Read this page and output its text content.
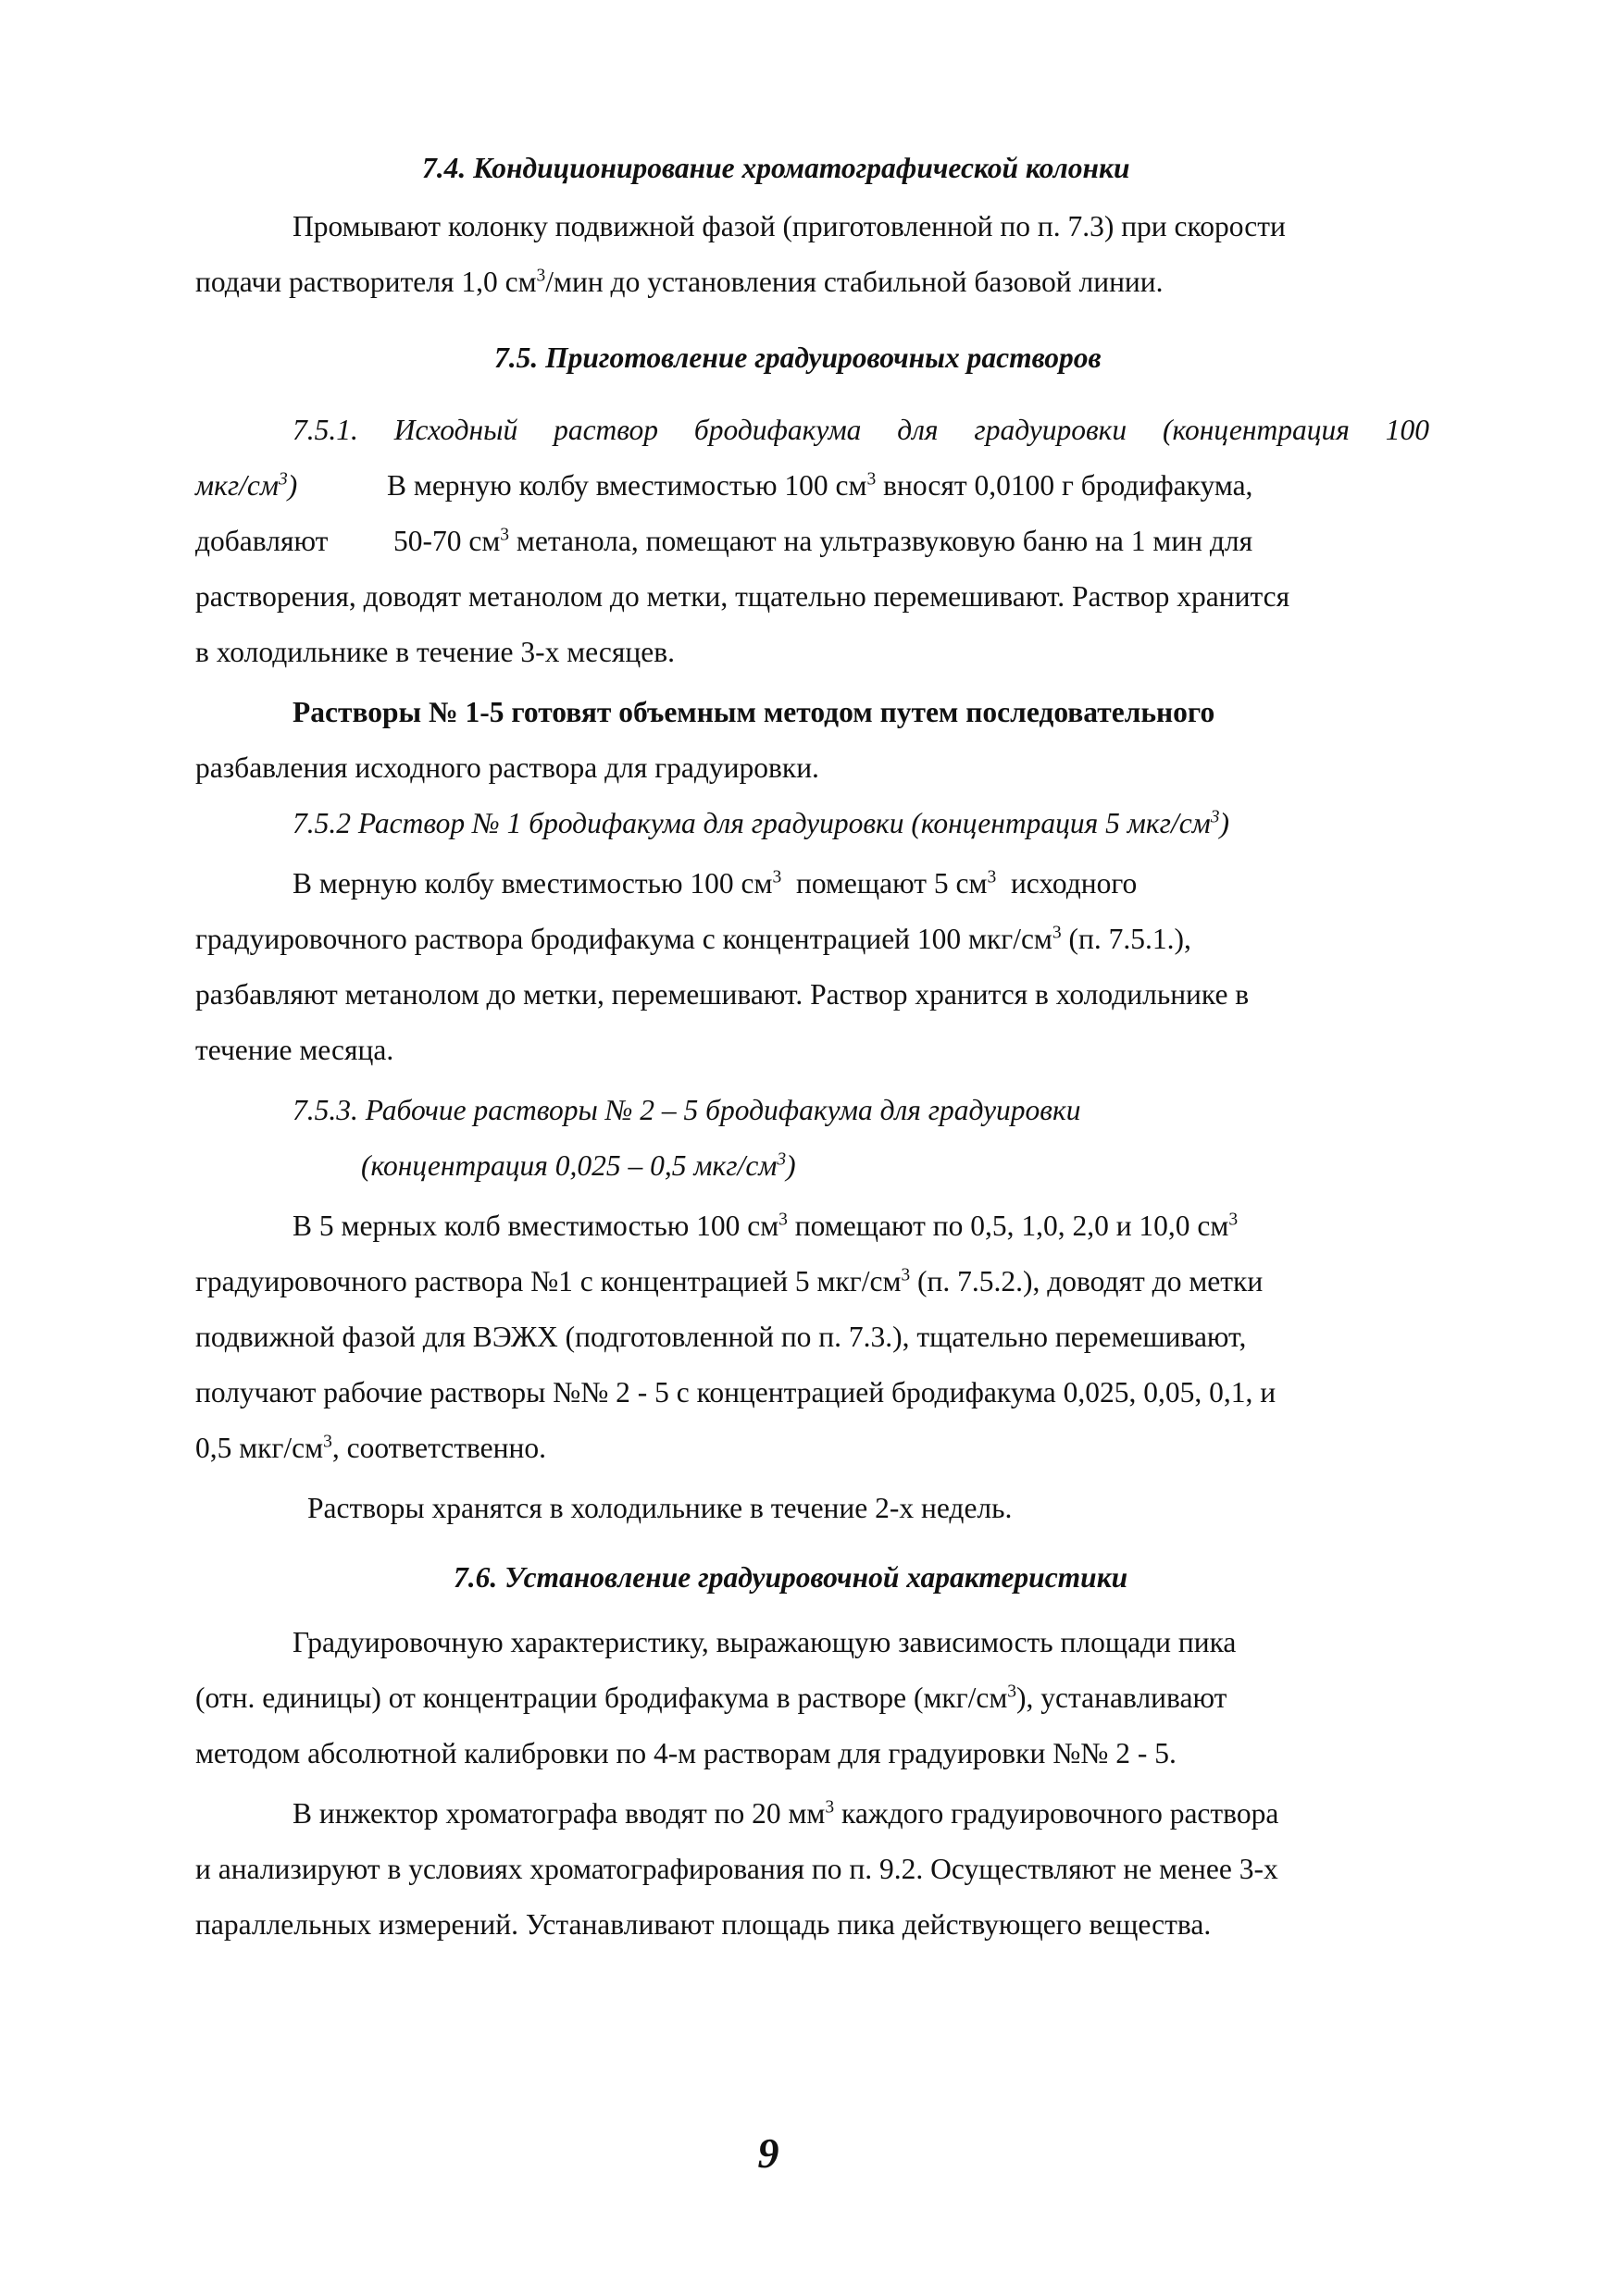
7.4. Кондиционирование хроматографической колонки
Промывают колонку подвижной фазой (приготовленной по п. 7.3) при скорости
подачи растворителя 1,0 $см^3$/мин до установления стабильной базовой линии.
7.5. Приготовление градуировочных растворов
7.5.1. Исходный раствор бродифакума для градуировки (концентрация 100
мкг/$см^3$)	В мерную колбу вместимостью 100 $см^3$ вносят 0,0100 г бродифакума,
добавляют 50-70 $см^3$ метанола, помещают на ультразвуковую баню на 1 мин для
растворения, доводят метанолом до метки, тщательно перемешивают. Раствор хранится
в холодильнике в течение 3-х месяцев.
Растворы № 1-5 готовят объемным методом путем последовательного
разбавления исходного раствора для градуировки.
7.5.2 Раствор № 1 бродифакума для градуировки (концентрация 5 мкг/$см^3$)
В мерную колбу вместимостью 100 $см^3$ помещают 5 $см^3$ исходного
градуировочного раствора бродифакума с концентрацией 100 мкг/$см^3$ (п. 7.5.1.),
разбавляют метанолом до метки, перемешивают. Раствор хранится в холодильнике в
течение месяца.
7.5.3. Рабочие растворы № 2 – 5 бродифакума для градуировки
(концентрация 0,025 – 0,5 мкг/$см^3$)
В 5 мерных колб вместимостью 100 $см^3$ помещают по 0,5, 1,0, 2,0 и 10,0 $см^3$
градуировочного раствора №1 с концентрацией 5 мкг/$см^3$ (п. 7.5.2.), доводят до метки
подвижной фазой для ВЭЖХ (подготовленной по п. 7.3.), тщательно перемешивают,
получают рабочие растворы №№ 2 - 5 с концентрацией бродифакума 0,025, 0,05, 0,1, и
0,5 мкг/$см^3$, соответственно.
Растворы хранятся в холодильнике в течение 2-х недель.
7.6. Установление градуировочной характеристики
Градуировочную характеристику, выражающую зависимость площади пика
(отн. единицы) от концентрации бродифакума в растворе $(мкг/см^3)$, устанавливают
методом абсолютной калибровки по 4-м растворам для градуировки №№ 2 - 5.
В инжектор хроматографа вводят по 20 $мм^3$ каждого градуировочного раствора
и анализируют в условиях хроматографирования по п. 9.2. Осуществляют не менее 3-х
параллельных измерений. Устанавливают площадь пика действующего вещества.
9
